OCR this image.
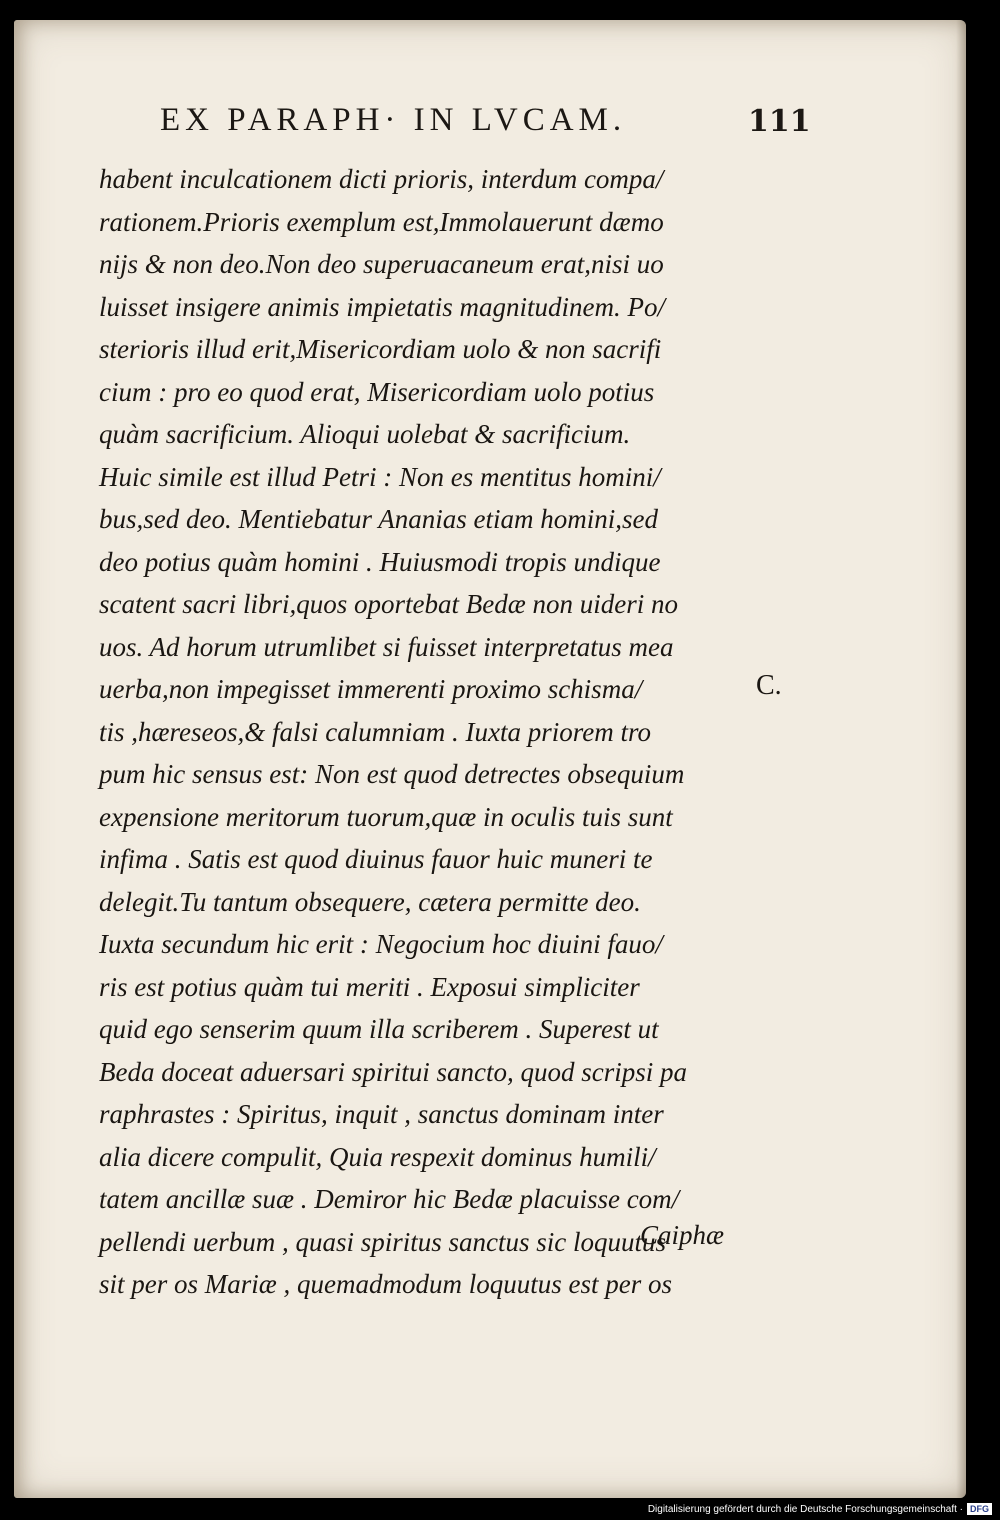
EX PARAPH· IN LVCAM.	111
habent inculcationem dicti prioris, interdum compa/
rationem.Prioris exemplum est,Immolauerunt dæmo
nijs & non deo.Non deo superuacaneum erat,nisi uo
luisset insigere animis impietatis magnitudinem. Po/
sterioris illud erit,Misericordiam uolo & non sacrifi
cium : pro eo quod erat, Misericordiam uolo potius
quàm sacrificium. Alioqui uolebat & sacrificium.
Huic simile est illud Petri : Non es mentitus homini/
bus,sed deo. Mentiebatur Ananias etiam homini,sed
deo potius quàm homini . Huiusmodi tropis undique
scatent sacri libri,quos oportebat Bedæ non uideri no
uos. Ad horum utrumlibet si fuisset interpretatus mea
uerba,non impegisset immerenti proximo schisma/
tis ,hæreseos,& falsi calumniam . Iuxta priorem tro
pum hic sensus est: Non est quod detrectes obsequium
expensione meritorum tuorum,quæ in oculis tuis sunt
infima . Satis est quod diuinus fauor huic muneri te
delegit.Tu tantum obsequere, cætera permitte deo.
Iuxta secundum hic erit : Negocium hoc diuini fauo/
ris est potius quàm tui meriti . Exposui simpliciter
quid ego senserim quum illa scriberem . Superest ut
Beda doceat aduersari spiritui sancto, quod scripsi pa
raphrastes : Spiritus, inquit , sanctus dominam inter
alia dicere compulit, Quia respexit dominus humili/
tatem ancillæ suæ . Demiror hic Bedæ placuisse com/
pellendi uerbum , quasi spiritus sanctus sic loquutus
sit per os Mariæ , quemadmodum loquutus est per os
C.
Caiphæ
Digitalisierung gefördert durch die Deutsche Forschungsgemeinschaft · DFG
